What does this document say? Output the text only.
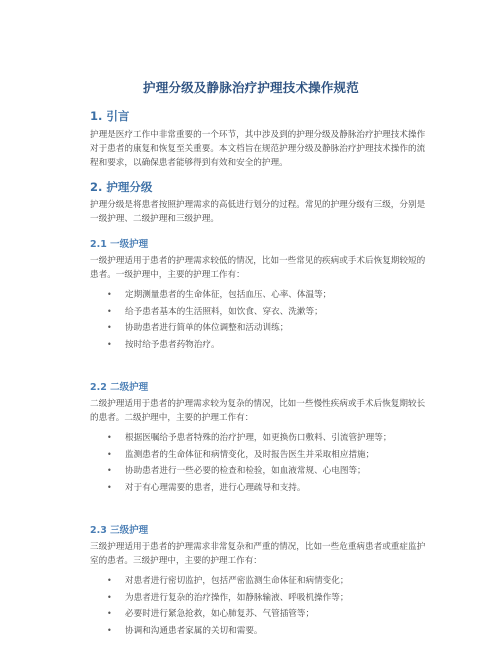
护理分级及静脉治疗护理技术操作规范
1. 引言
护理是医疗工作中非常重要的一个环节，其中涉及到的护理分级及静脉治疗护理技术操作对于患者的康复和恢复至关重要。本文档旨在规范护理分级及静脉治疗护理技术操作的流程和要求，以确保患者能够得到有效和安全的护理。
2. 护理分级
护理分级是将患者按照护理需求的高低进行划分的过程。常见的护理分级有三级，分别是一级护理、二级护理和三级护理。
2.1 一级护理
一级护理适用于患者的护理需求较低的情况，比如一些常见的疾病或手术后恢复期较短的患者。一级护理中，主要的护理工作有：
• 定期测量患者的生命体征，包括血压、心率、体温等；
• 给予患者基本的生活照料，如饮食、穿衣、洗漱等；
• 协助患者进行简单的体位调整和活动训练；
• 按时给予患者药物治疗。
2.2 二级护理
二级护理适用于患者的护理需求较为复杂的情况，比如一些慢性疾病或手术后恢复期较长的患者。二级护理中，主要的护理工作有：
• 根据医嘱给予患者特殊的治疗护理，如更换伤口敷料、引流管护理等；
• 监测患者的生命体征和病情变化，及时报告医生并采取相应措施；
• 协助患者进行一些必要的检查和检验，如血液常规、心电图等；
• 对于有心理需要的患者，进行心理疏导和支持。
2.3 三级护理
三级护理适用于患者的护理需求非常复杂和严重的情况，比如一些危重病患者或重症监护室的患者。三级护理中，主要的护理工作有：
• 对患者进行密切监护，包括严密监测生命体征和病情变化；
• 为患者进行复杂的治疗操作，如静脉输液、呼吸机操作等；
• 必要时进行紧急抢救，如心肺复苏、气管插管等；
• 协调和沟通患者家属的关切和需要。
